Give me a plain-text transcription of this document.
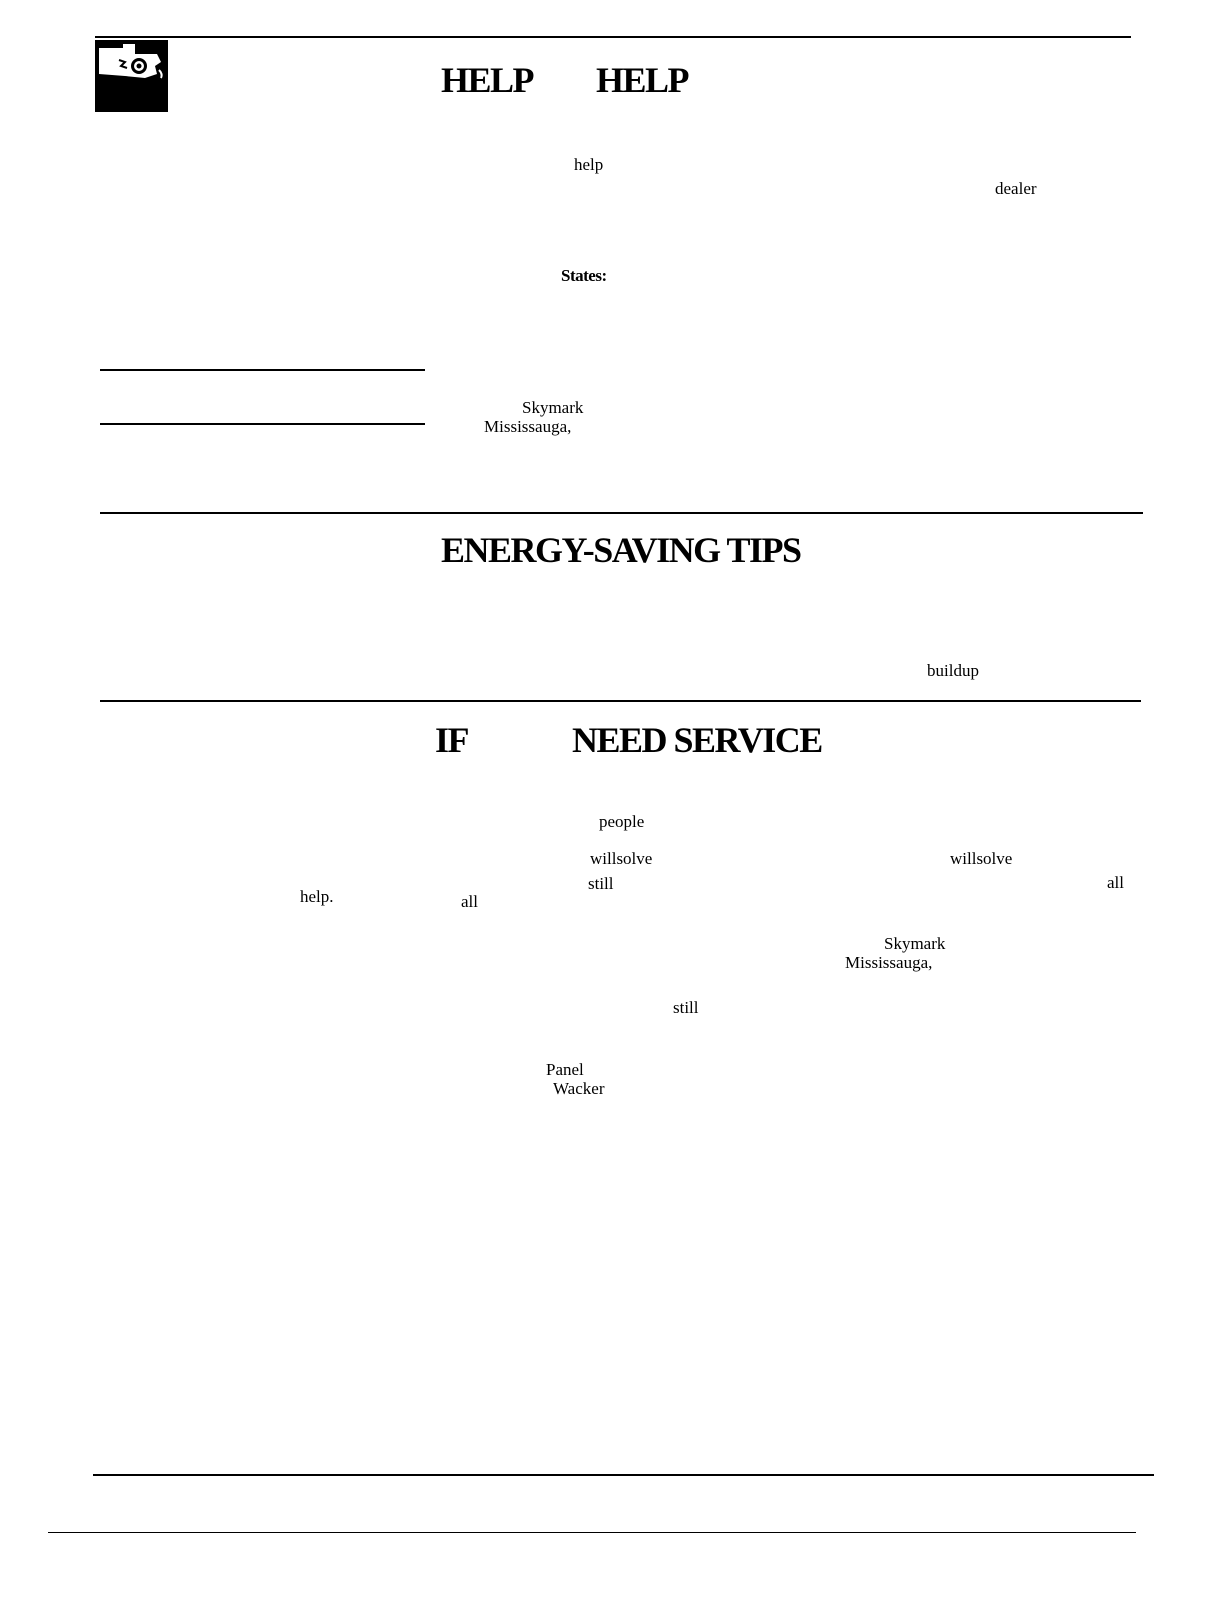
HELP HELP
help
dealer
States:
Skymark
Mississauga,
ENERGY-SAVING TIPS
buildup
IF	NEED SERVICE
people
willsolve	willsolve
still	all
help.	all
Skymark
Mississauga,
still
Panel
Wacker
